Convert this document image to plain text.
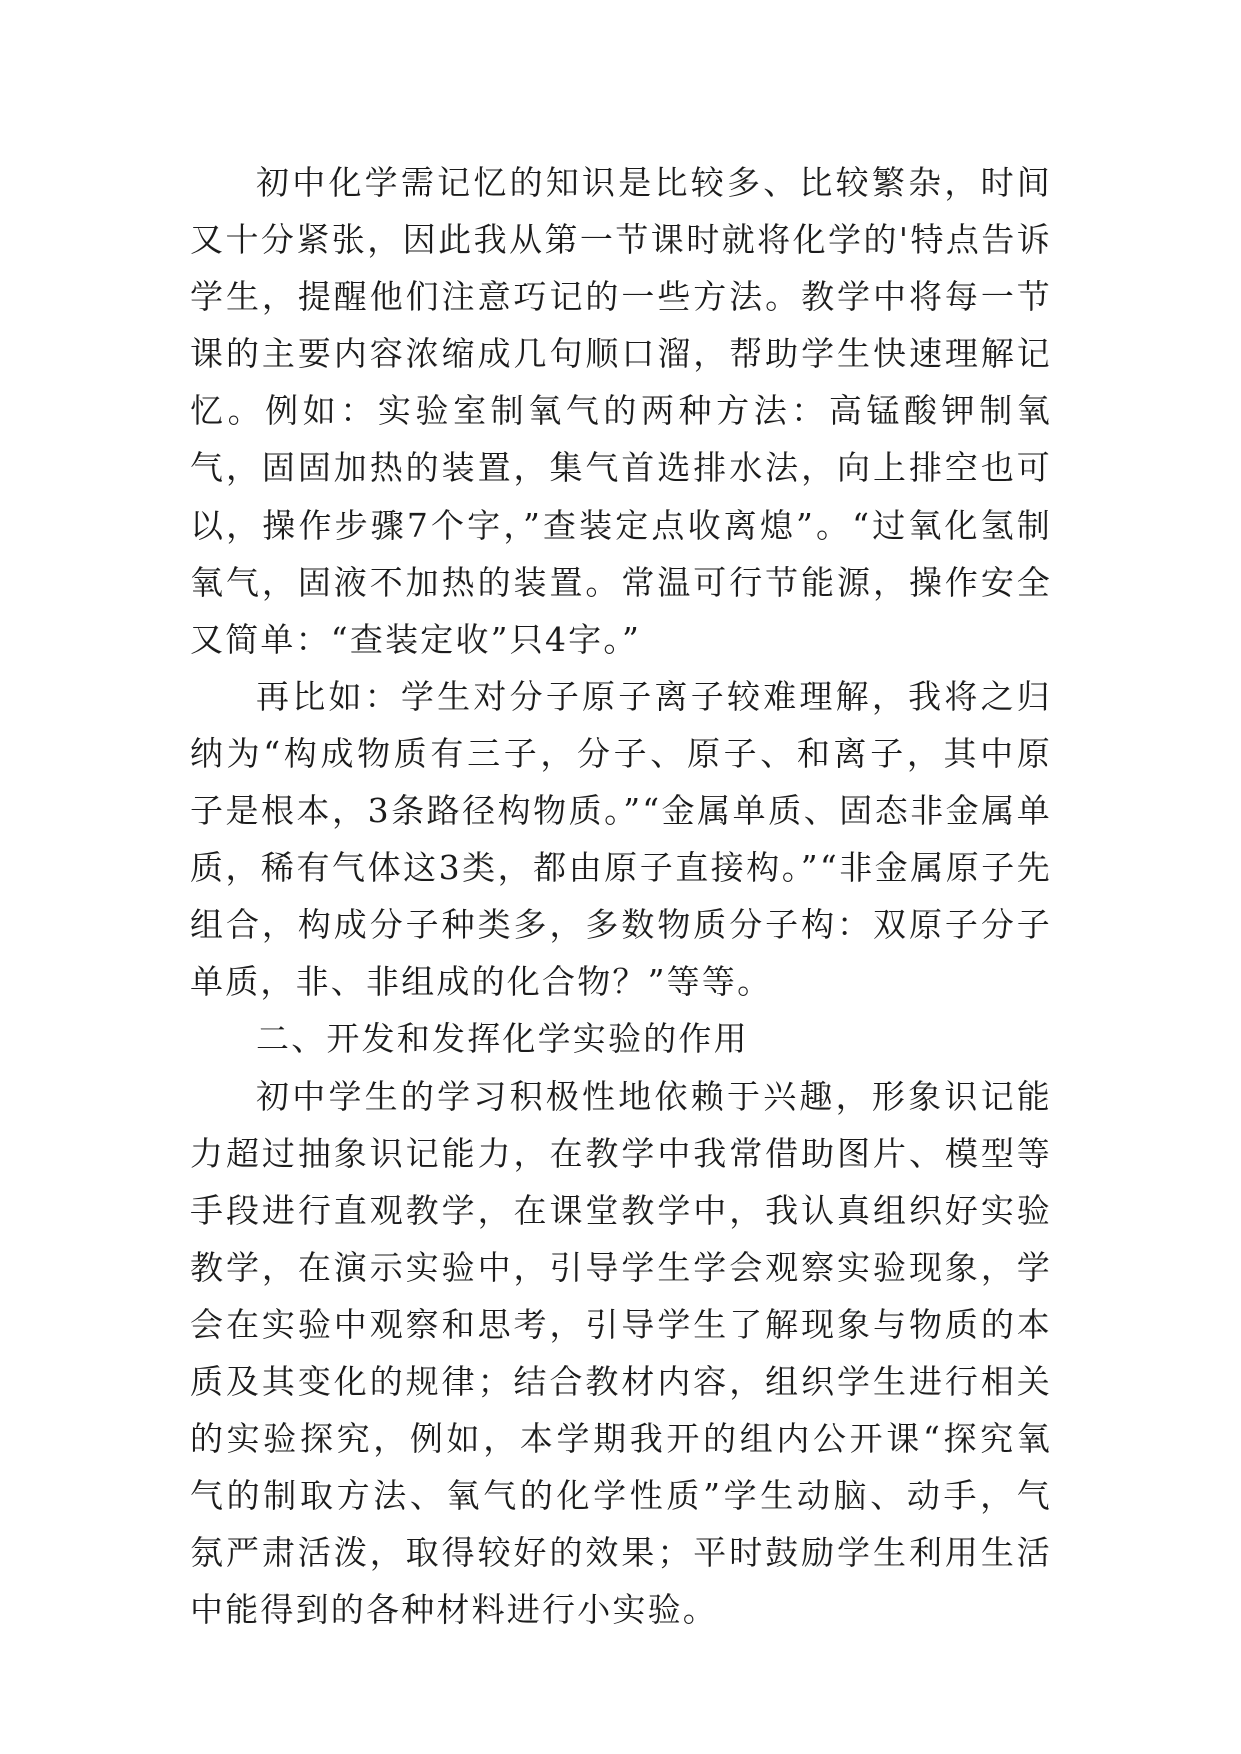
初中化学需记忆的知识是比较多、比较繁杂，时间又十分紧张，因此我从第一节课时就将化学的'特点告诉学生，提醒他们注意巧记的一些方法。教学中将每一节课的主要内容浓缩成几句顺口溜，帮助学生快速理解记忆。例如：实验室制氧气的两种方法：高锰酸钾制氧气，固固加热的装置，集气首选排水法，向上排空也可以，操作步骤7个字，”查装定点收离熄”。“过氧化氢制氧气，固液不加热的装置。常温可行节能源，操作安全又简单：“查装定收”只4字。”

再比如：学生对分子原子离子较难理解，我将之归纳为“构成物质有三子，分子、原子、和离子，其中原子是根本，3条路径构物质。”“金属单质、固态非金属单质，稀有气体这3类，都由原子直接构。”“非金属原子先组合，构成分子种类多，多数物质分子构：双原子分子单质，非、非组成的化合物？”等等。

二、开发和发挥化学实验的作用

初中学生的学习积极性地依赖于兴趣，形象识记能力超过抽象识记能力，在教学中我常借助图片、模型等手段进行直观教学，在课堂教学中，我认真组织好实验教学，在演示实验中，引导学生学会观察实验现象，学会在实验中观察和思考，引导学生了解现象与物质的本质及其变化的规律；结合教材内容，组织学生进行相关的实验探究，例如，本学期我开的组内公开课“探究氧气的制取方法、氧气的化学性质”学生动脑、动手，气氛严肃活泼，取得较好的效果；平时鼓励学生利用生活中能得到的各种材料进行小实验。
